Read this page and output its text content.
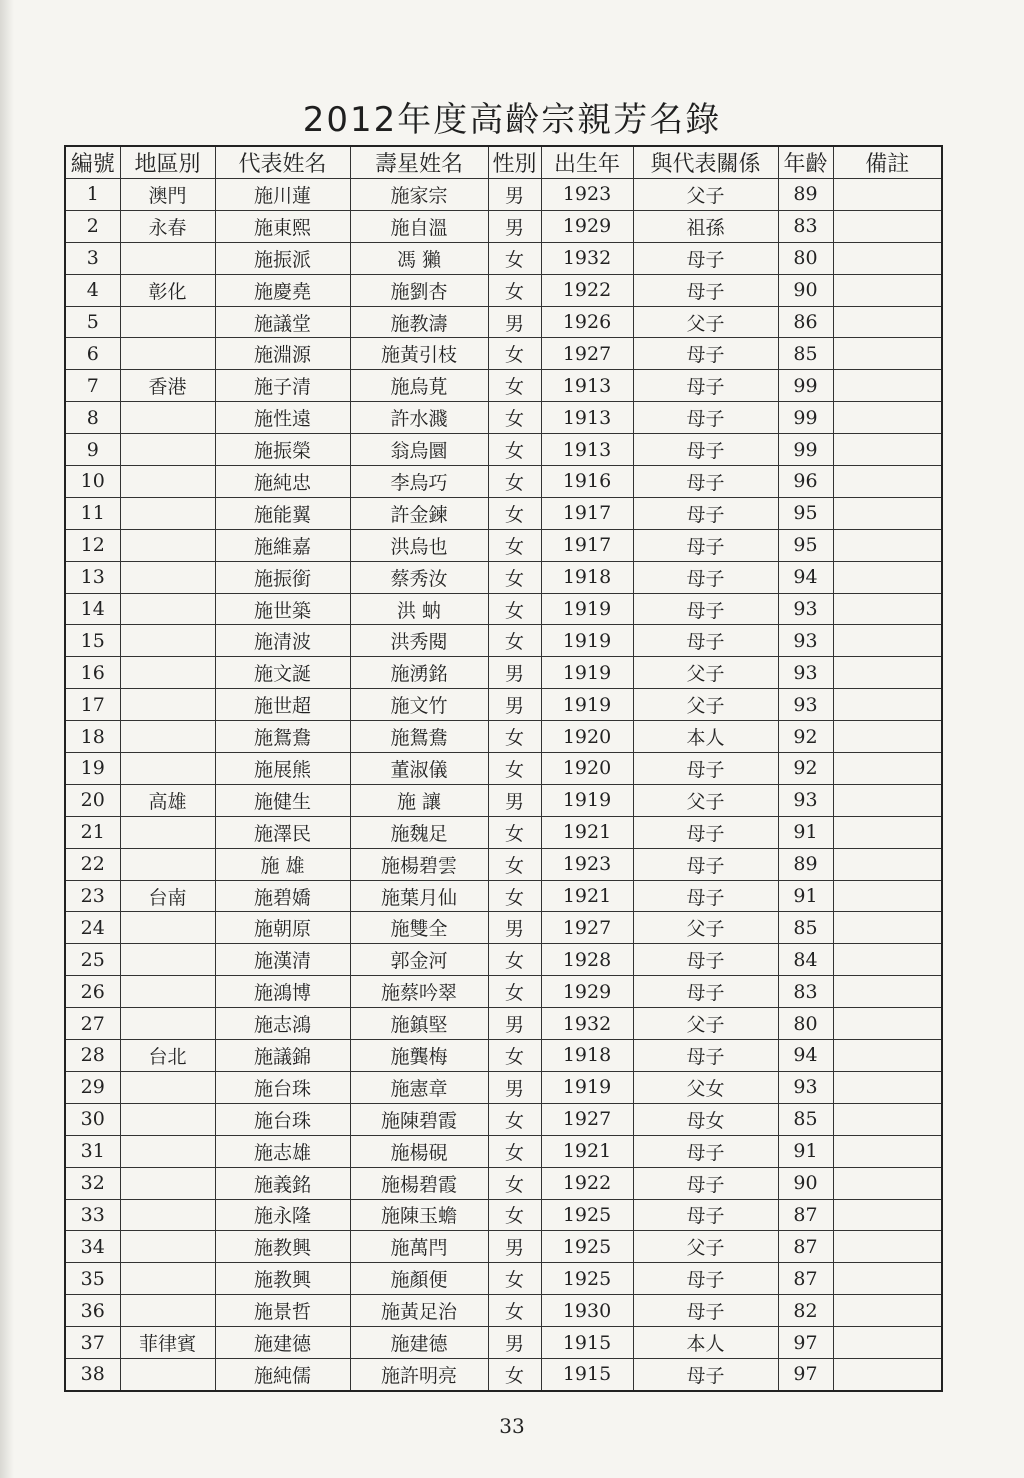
2012年度高齡宗親芳名錄
編號	地區別	代表姓名	壽星姓名	性別	出生年	與代表關係	年齡	備註
1	澳門	施川蓮	施家宗	男	1923	父子	89	
2	永春	施東熙	施自溫	男	1929	祖孫	83	
3		施振派	馮 獺	女	1932	母子	80	
4	彰化	施慶堯	施劉杏	女	1922	母子	90	
5		施議堂	施教濤	男	1926	父子	86	
6		施淵源	施黃引枝	女	1927	母子	85	
7	香港	施子清	施烏莧	女	1913	母子	99	
8		施性遠	許水濺	女	1913	母子	99	
9		施振榮	翁烏圜	女	1913	母子	99	
10		施純忠	李烏巧	女	1916	母子	96	
11		施能翼	許金鍊	女	1917	母子	95	
12		施維嘉	洪烏也	女	1917	母子	95	
13		施振銜	蔡秀汝	女	1918	母子	94	
14		施世築	洪 蚋	女	1919	母子	93	
15		施清波	洪秀閱	女	1919	母子	93	
16		施文誕	施湧銘	男	1919	父子	93	
17		施世超	施文竹	男	1919	父子	93	
18		施鴛鴦	施鴛鴦	女	1920	本人	92	
19		施展熊	董淑儀	女	1920	母子	92	
20	高雄	施健生	施 讓	男	1919	父子	93	
21		施澤民	施魏足	女	1921	母子	91	
22		施 雄	施楊碧雲	女	1923	母子	89	
23	台南	施碧嬌	施葉月仙	女	1921	母子	91	
24		施朝原	施雙全	男	1927	父子	85	
25		施漢清	郭金河	女	1928	母子	84	
26		施鴻博	施蔡吟翠	女	1929	母子	83	
27		施志鴻	施鎮堅	男	1932	父子	80	
28	台北	施議錦	施龔梅	女	1918	母子	94	
29		施台珠	施憲章	男	1919	父女	93	
30		施台珠	施陳碧霞	女	1927	母女	85	
31		施志雄	施楊硯	女	1921	母子	91	
32		施義銘	施楊碧霞	女	1922	母子	90	
33		施永隆	施陳玉蟾	女	1925	母子	87	
34		施教興	施萬閂	男	1925	父子	87	
35		施教興	施顏便	女	1925	母子	87	
36		施景哲	施黃足治	女	1930	母子	82	
37	菲律賓	施建德	施建德	男	1915	本人	97	
38		施純儒	施許明亮	女	1915	母子	97	
33
